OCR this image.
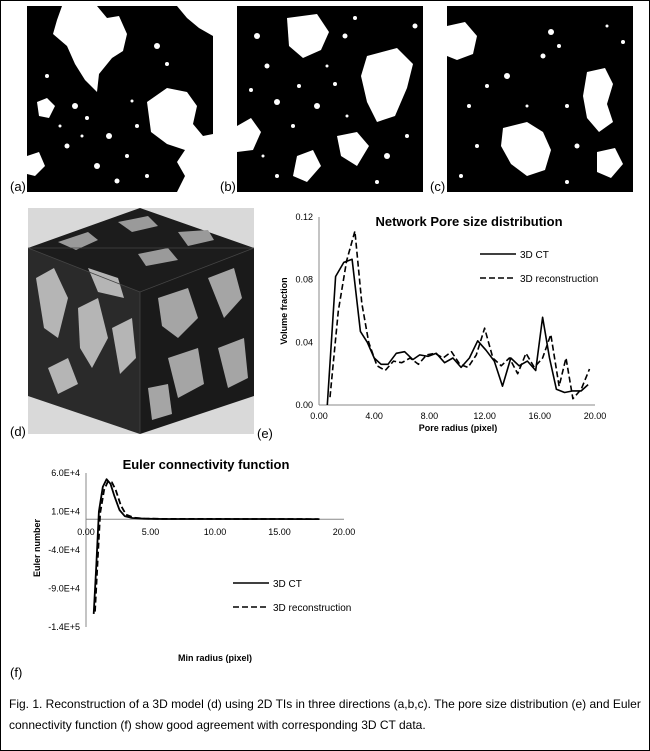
(a)	(b)	(c)
(d)
Network Pore size distribution
0.00	4.00	8.00	12.00	16.00	20.00
0.00
0.04
0.08
0.12
Pore radius (pixel)
Volume fraction
3D CT
3D reconstruction
(e)
Euler connectivity function
0.00	5.00	10.00	15.00	20.00
6.0E+4
1.0E+4
-4.0E+4
-9.0E+4
-1.4E+5
Min radius (pixel)
Euler number
3D CT
3D reconstruction
(f)
Fig. 1. Reconstruction of a 3D model (d) using 2D TIs in three directions (a,b,c). The pore size distribution (e) and Euler connectivity function (f) show good agreement with corresponding 3D CT data.
